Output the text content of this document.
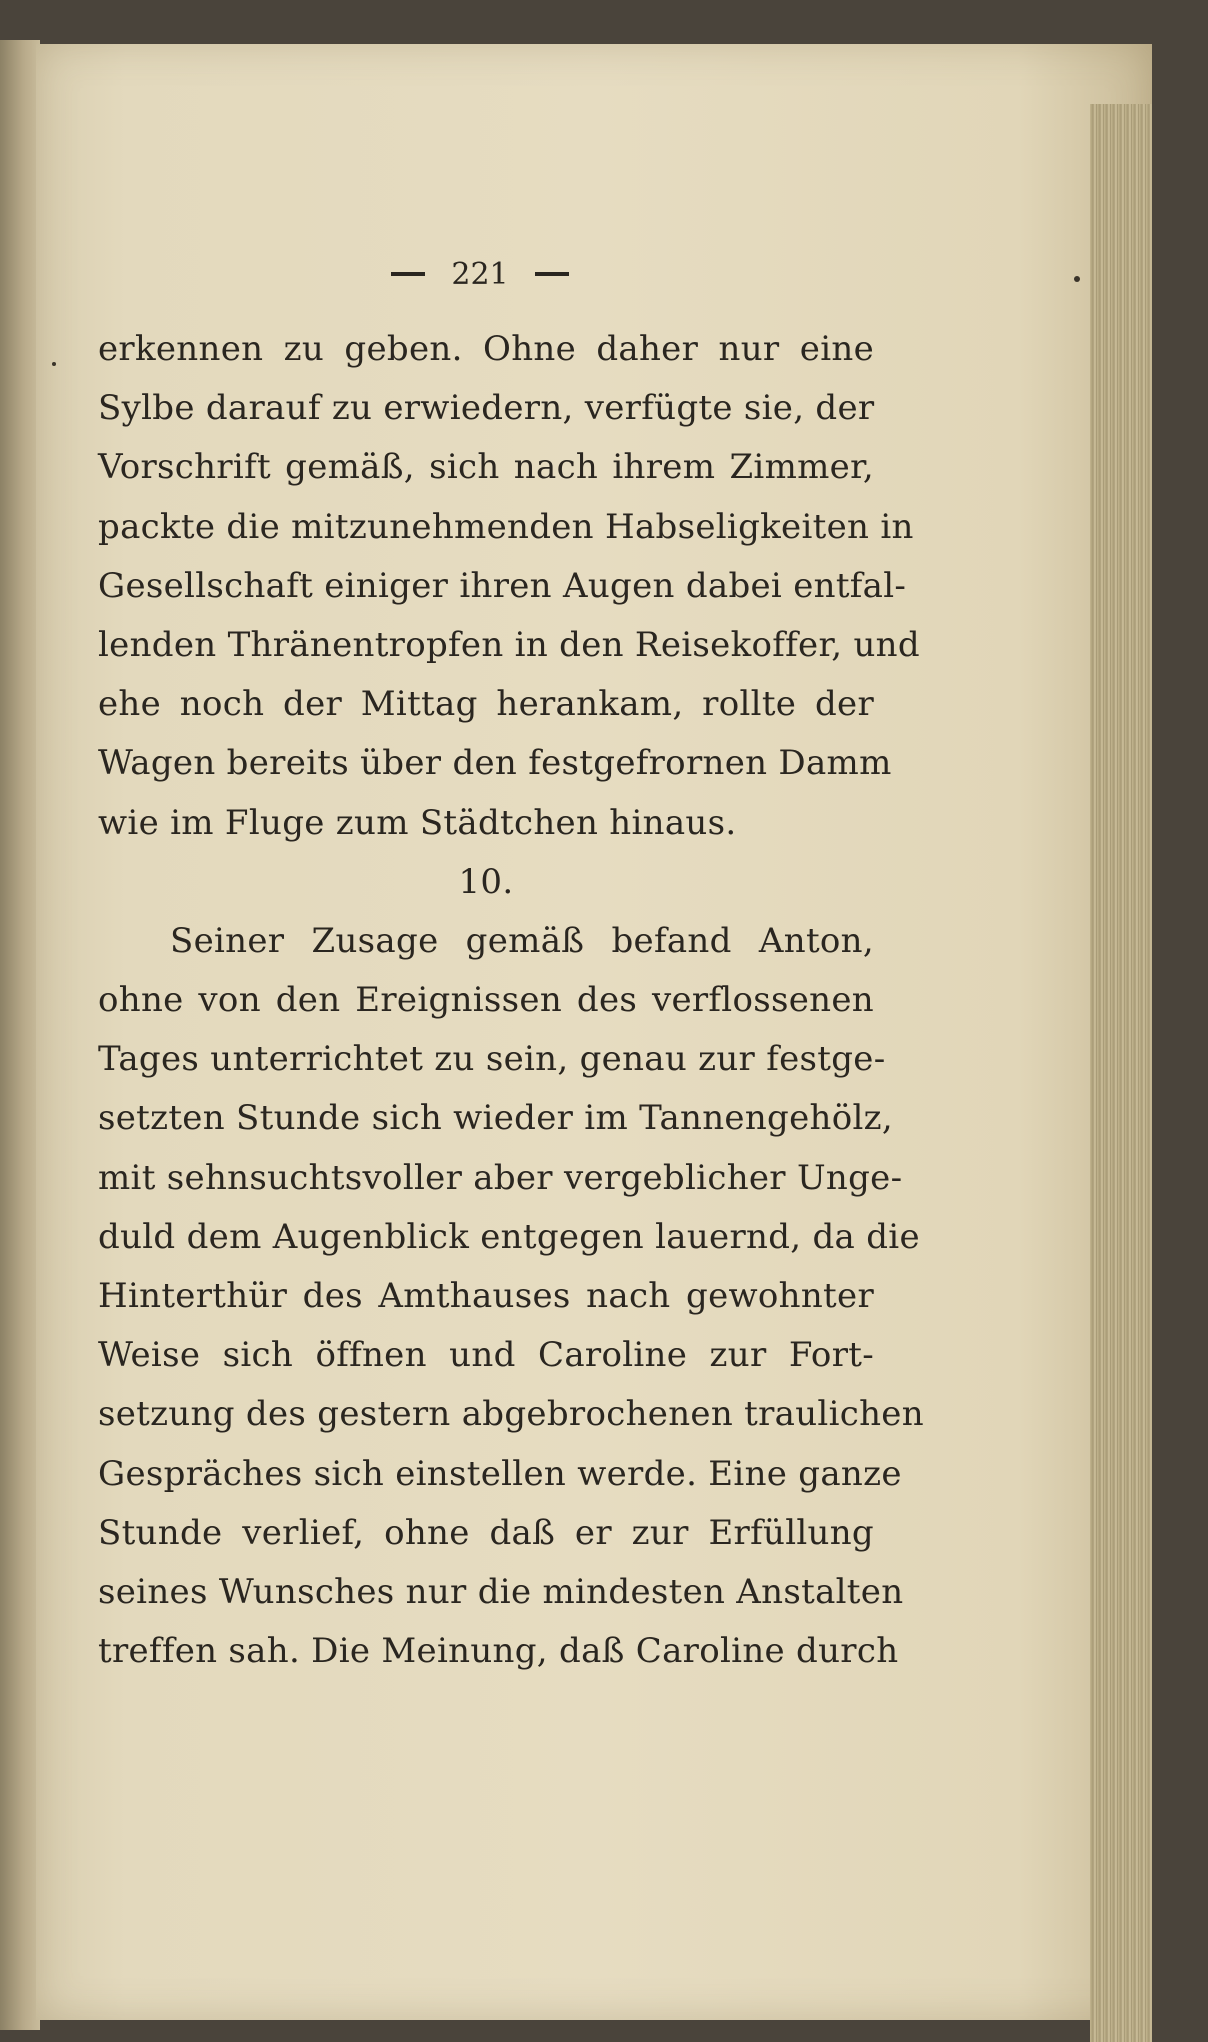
221
erkennen zu geben. Ohne daher nur eine
Sylbe darauf zu erwiedern, verfügte sie, der
Vorschrift gemäß, sich nach ihrem Zimmer,
packte die mitzunehmenden Habseligkeiten in
Gesellschaft einiger ihren Augen dabei entfal-
lenden Thränentropfen in den Reisekoffer, und
ehe noch der Mittag herankam, rollte der
Wagen bereits über den festgefrornen Damm
wie im Fluge zum Städtchen hinaus.
10.
Seiner Zusage gemäß befand Anton,
ohne von den Ereignissen des verflossenen
Tages unterrichtet zu sein, genau zur festge-
setzten Stunde sich wieder im Tannengehölz,
mit sehnsuchtsvoller aber vergeblicher Unge-
duld dem Augenblick entgegen lauernd, da die
Hinterthür des Amthauses nach gewohnter
Weise sich öffnen und Caroline zur Fort-
setzung des gestern abgebrochenen traulichen
Gespräches sich einstellen werde. Eine ganze
Stunde verlief, ohne daß er zur Erfüllung
seines Wunsches nur die mindesten Anstalten
treffen sah. Die Meinung, daß Caroline durch
